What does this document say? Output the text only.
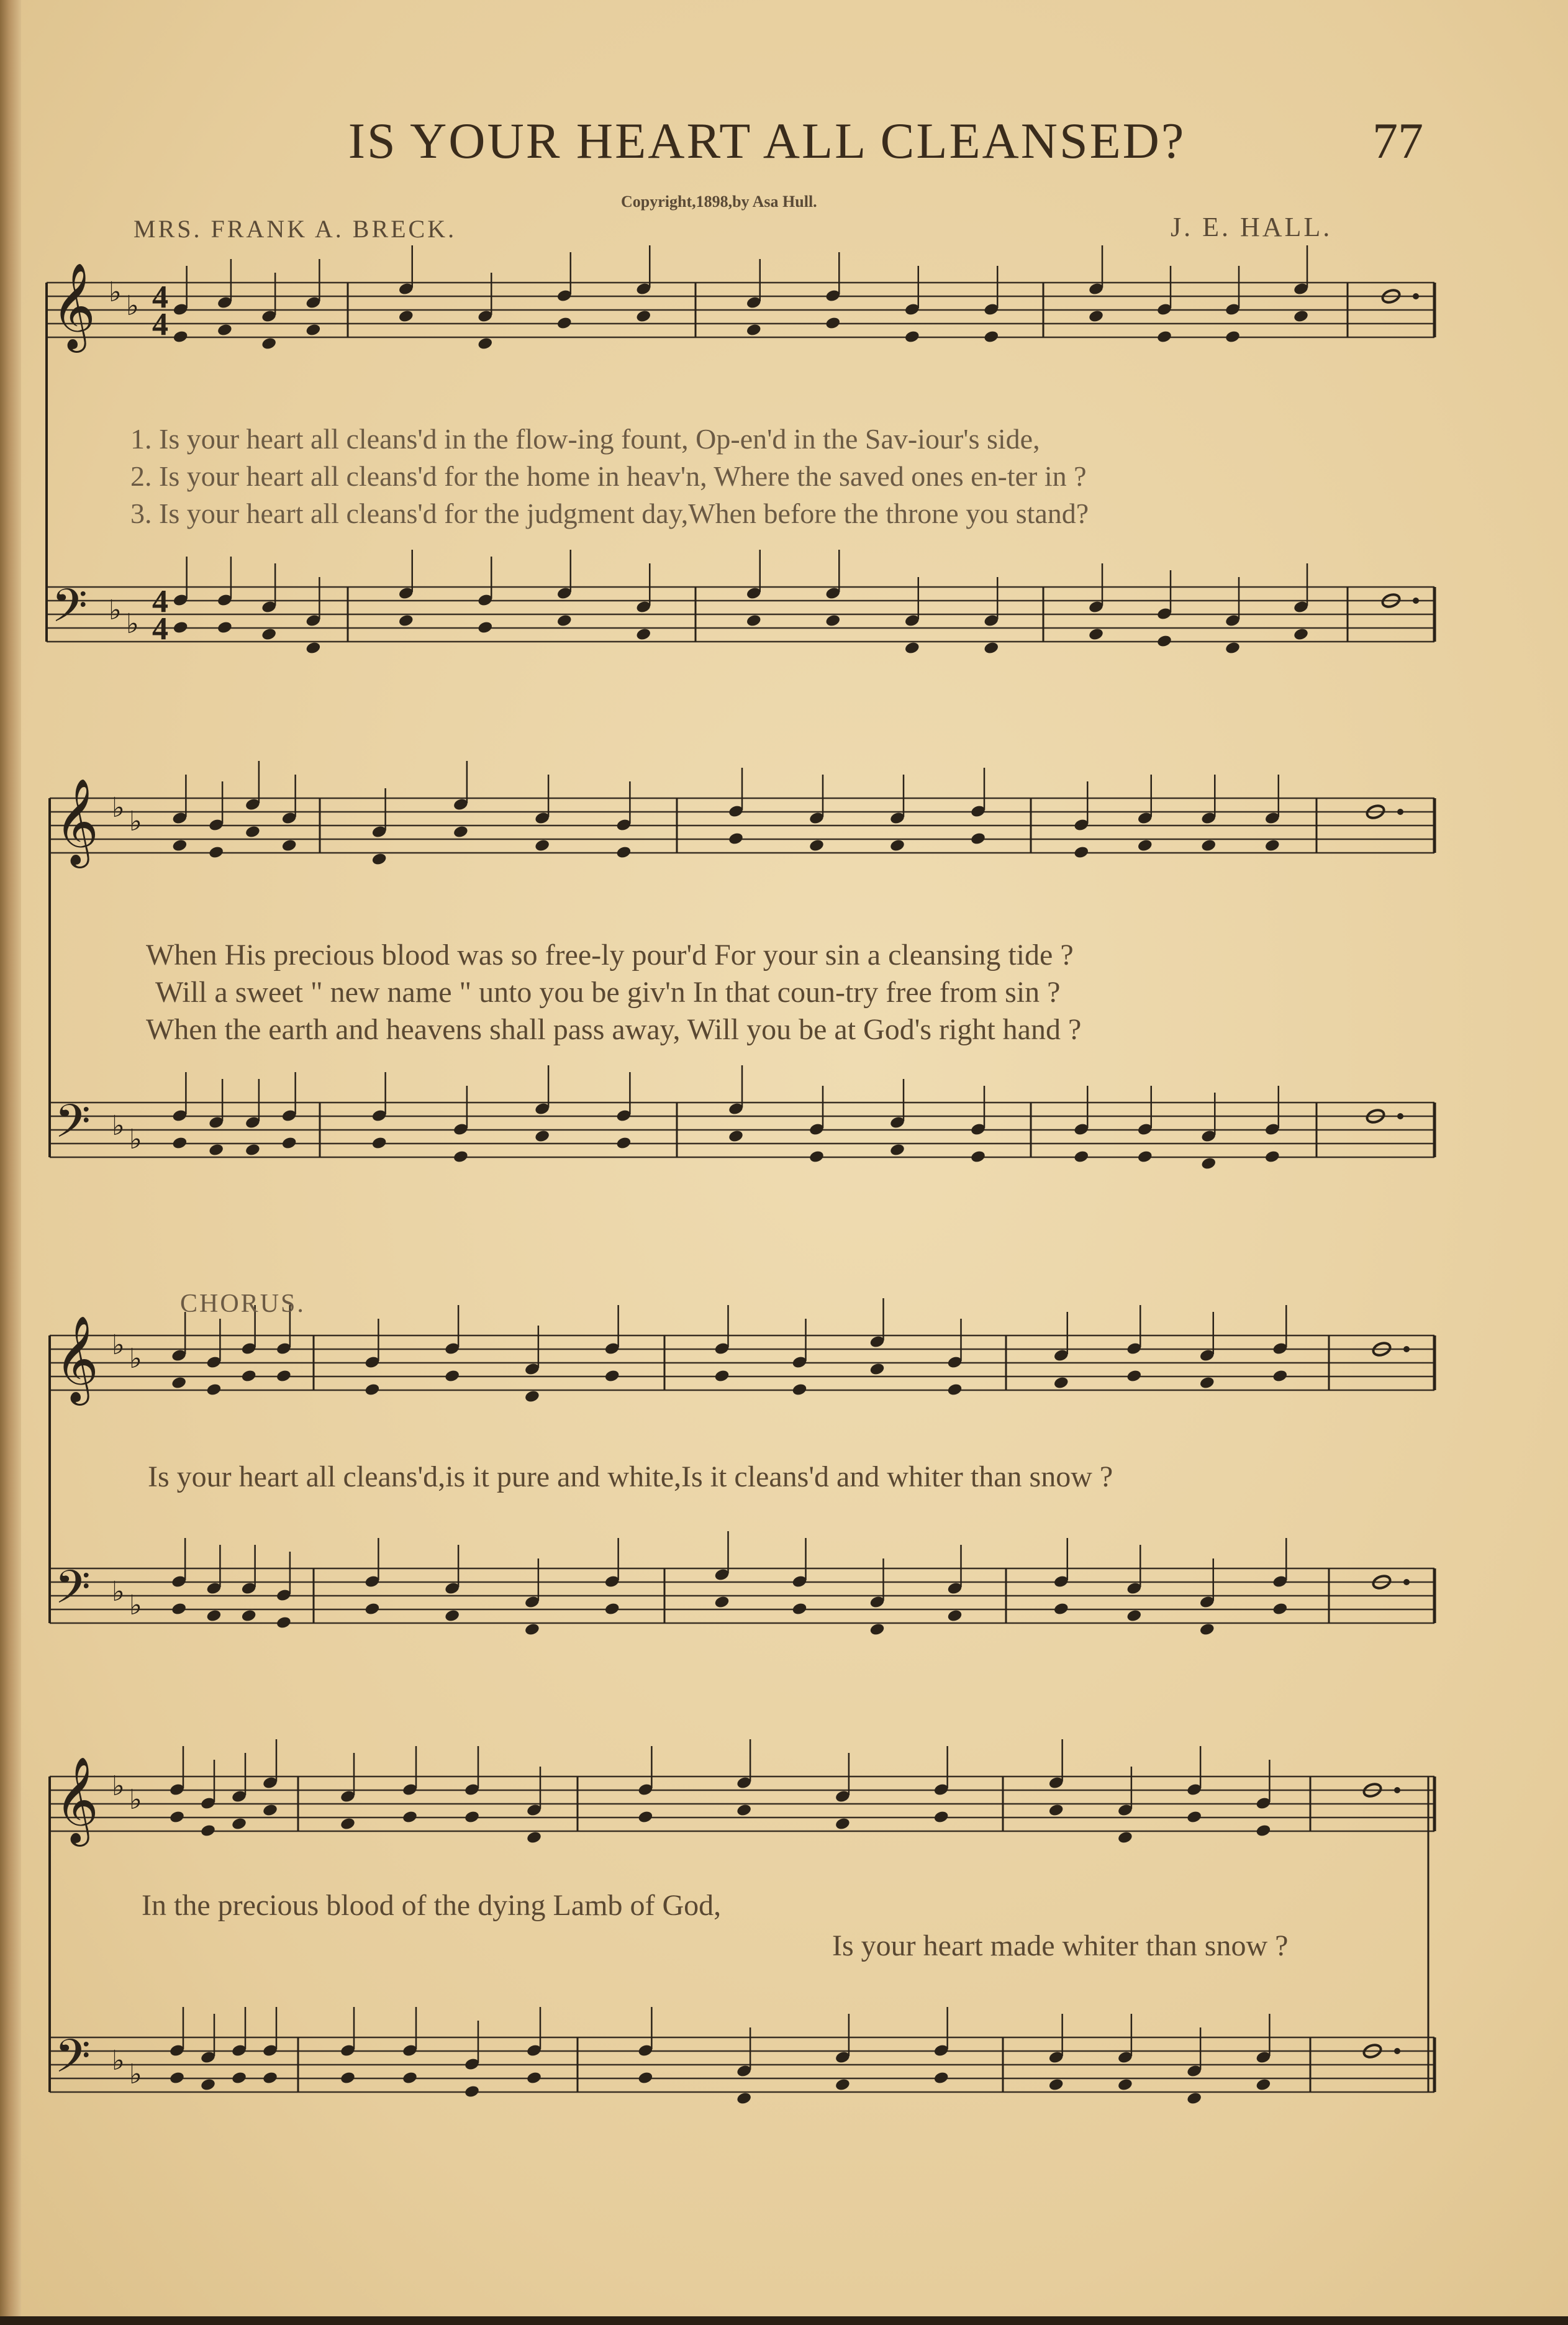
IS YOUR HEART ALL CLEANSED?	77
Copyright,1898,by Asa Hull.
MRS. FRANK A. BRECK.	J. E. HALL.
𝄞 ♭ ♭
𝄢 ♭ ♭
4
4
4
4
𝄞 ♭ ♭
𝄢 ♭ ♭
𝄞 ♭ ♭
𝄢 ♭ ♭
𝄞 ♭ ♭
𝄢 ♭ ♭
1. Is your heart all cleans'd in the flow-ing fount, Op-en'd in the Sav-iour's side,
2. Is your heart all cleans'd for the home in heav'n, Where the saved ones en-ter in ?
3. Is your heart all cleans'd for the judgment day,When before the throne you stand?
When His precious blood was so free-ly pour'd For your sin a cleansing tide ?
Will a sweet " new name " unto you be giv'n In that coun-try free from sin ?
When the earth and heavens shall pass away, Will you be at God's right hand ?
CHORUS.
Is your heart all cleans'd,is it pure and white,Is it cleans'd and whiter than snow ?
In the precious blood of the dying Lamb of God,
Is your heart made whiter than snow ?
